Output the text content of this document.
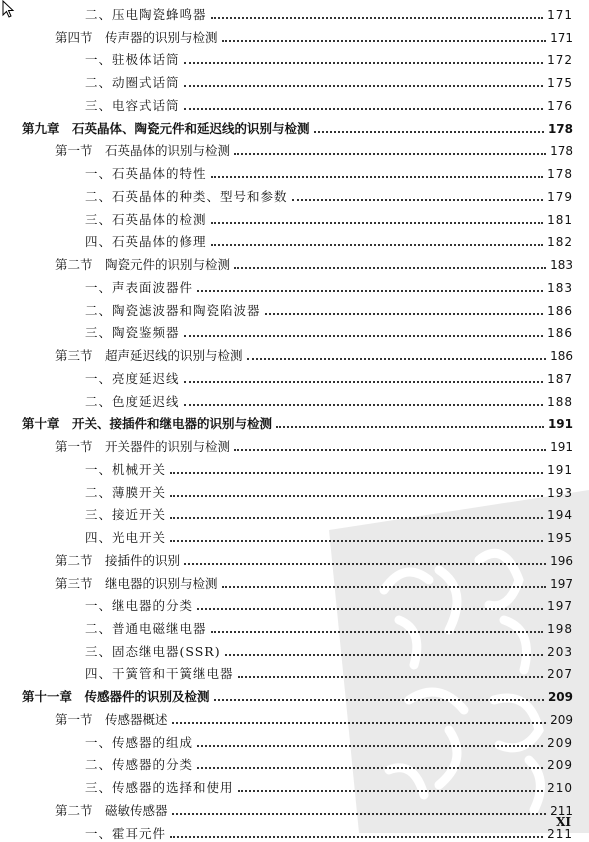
二、压电陶瓷蜂鸣器	171
第四节　传声器的识别与检测	171
一、驻极体话筒	172
二、动圈式话筒	175
三、电容式话筒	176
第九章　石英晶体、陶瓷元件和延迟线的识别与检测	178
第一节　石英晶体的识别与检测	178
一、石英晶体的特性	178
二、石英晶体的种类、型号和参数	179
三、石英晶体的检测	181
四、石英晶体的修理	182
第二节　陶瓷元件的识别与检测	183
一、声表面波器件	183
二、陶瓷滤波器和陶瓷陷波器	186
三、陶瓷鉴频器	186
第三节　超声延迟线的识别与检测	186
一、亮度延迟线	187
二、色度延迟线	188
第十章　开关、接插件和继电器的识别与检测	191
第一节　开关器件的识别与检测	191
一、机械开关	191
二、薄膜开关	193
三、接近开关	194
四、光电开关	195
第二节　接插件的识别	196
第三节　继电器的识别与检测	197
一、继电器的分类	197
二、普通电磁继电器	198
三、固态继电器(SSR)	203
四、干簧管和干簧继电器	207
第十一章　传感器件的识别及检测	209
第一节　传感器概述	209
一、传感器的组成	209
二、传感器的分类	209
三、传感器的选择和使用	210
第二节　磁敏传感器	211
一、霍耳元件	211
XI
